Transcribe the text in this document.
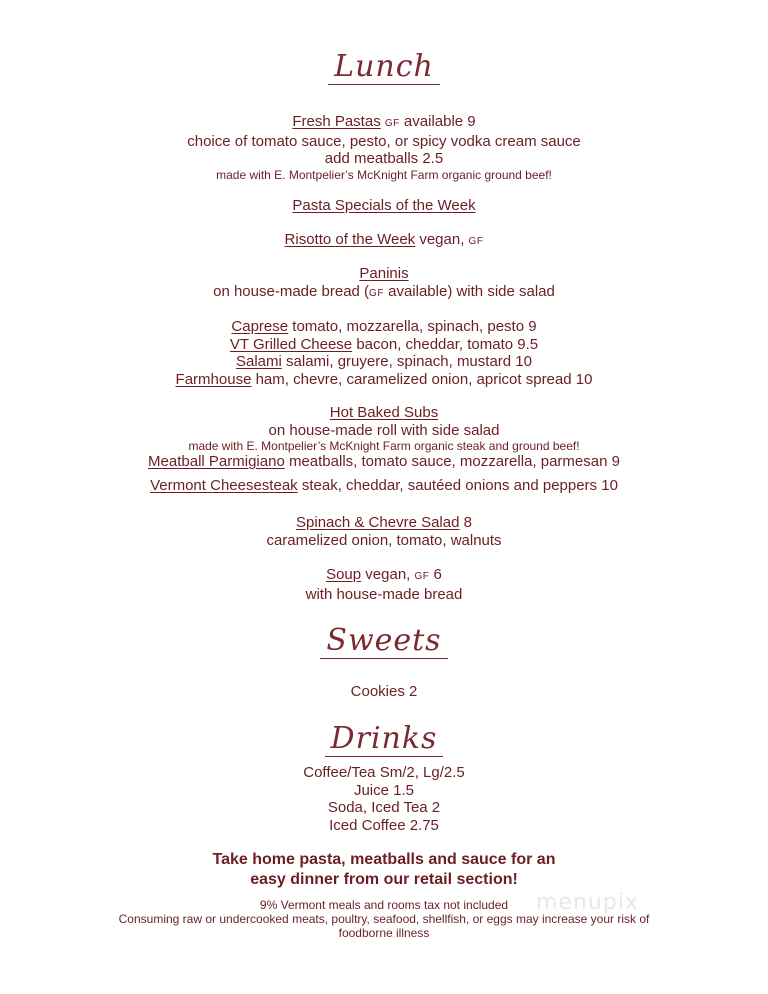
Lunch
Fresh Pastas GF available 9
choice of tomato sauce, pesto, or spicy vodka cream sauce
add meatballs 2.5
made with E. Montpelier’s McKnight Farm organic ground beef!
Pasta Specials of the Week
Risotto of the Week vegan, GF
Paninis
on house-made bread (GF available) with side salad
Caprese tomato, mozzarella, spinach, pesto 9
VT Grilled Cheese bacon, cheddar, tomato 9.5
Salami salami, gruyere, spinach, mustard 10
Farmhouse ham, chevre, caramelized onion, apricot spread 10
Hot Baked Subs
on house-made roll with side salad
made with E. Montpelier’s McKnight Farm organic steak and ground beef!
Meatball Parmigiano meatballs, tomato sauce, mozzarella, parmesan 9
Vermont Cheesesteak steak, cheddar, sautéed onions and peppers 10
Spinach & Chevre Salad 8
caramelized onion, tomato, walnuts
Soup vegan, GF 6
with house-made bread
Sweets
Cookies 2
Drinks
Coffee/Tea Sm/2, Lg/2.5
Juice 1.5
Soda, Iced Tea 2
Iced Coffee 2.75
Take home pasta, meatballs and sauce for an
easy dinner from our retail section!
menupix
9% Vermont meals and rooms tax not included
Consuming raw or undercooked meats, poultry, seafood, shellfish, or eggs may increase your risk of
foodborne illness
